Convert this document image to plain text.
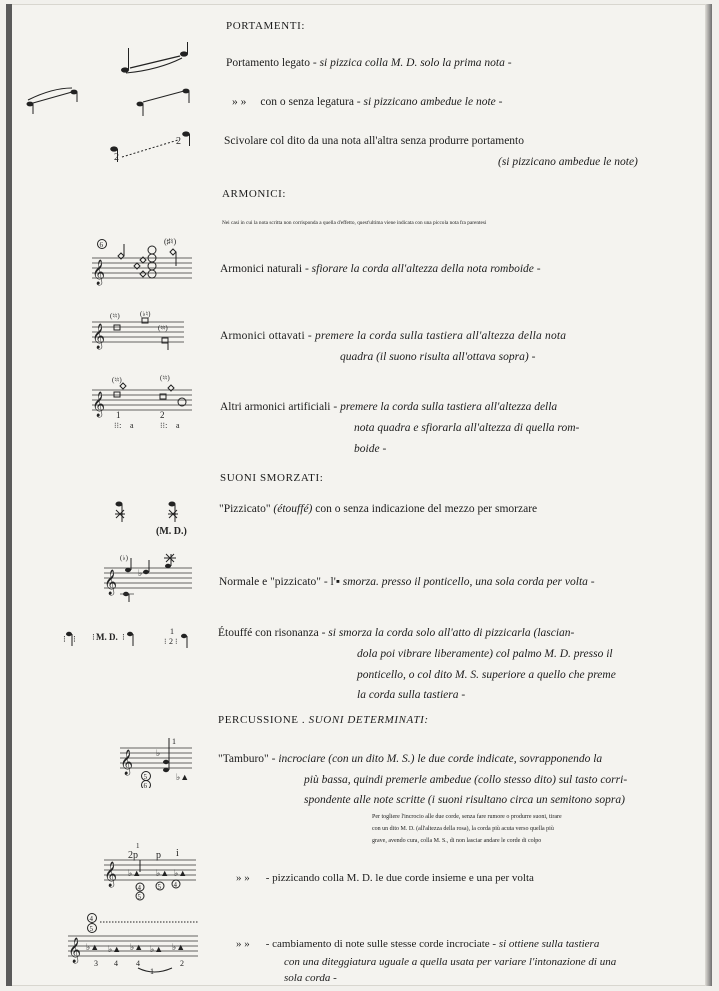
PORTAMENTI:
Portamento legato - si pizzica colla M. D. solo la prima nota -
» » con o senza legatura - si pizzicano ambedue le note -
2
2	Scivolare col dito da una nota all'altra senza produrre portamento
(si pizzicano ambedue le note)
ARMONICI:
Nei casi in cui la nota scritta non corrisponda a quella d'effetto, quest'ultima viene indicata con una piccola nota fra parentesi
𝄞
6	(♯♮)
Armonici naturali - sfiorare la corda all'altezza della nota romboide -
𝄞
(♮♮)	(♭♮)
(♮♮)
Armonici ottavati - premere la corda sulla tastiera all'altezza della nota
quadra (il suono risulta all'ottava sopra) -
𝄞
(♮♮)
1
⁝⁝: a
(♮♮)
2
⁝⁝: a
Altri armonici artificiali - premere la corda sulla tastiera all'altezza della
nota quadra e sfiorarla all'altezza di quella rom-
boide -
SUONI SMORZATI:
(M. D.)
"Pizzicato" (étouffé) con o senza indicazione del mezzo per smorzare
𝄞
(♭)
♭
Normale e "pizzicato" - l'▪ smorza. presso il ponticello, una sola corda per volta -
⁝ ⁝ ⁝ M. D. ⁝
1
⁝ 2 ⁝
Étouffé con risonanza - si smorza la corda solo all'atto di pizzicarla (lascian-
dola poi vibrare liberamente) col palmo M. D. presso il
ponticello, o col dito M. S. superiore a quello che preme
la corda sulla tastiera -
PERCUSSIONE . SUONI DETERMINATI:
𝄞	♭
1
5
6
♭▲
"Tamburo" - incrociare (con un dito M. S.) le due corde indicate, sovrapponendo la
più bassa, quindi premerle ambedue (collo stesso dito) sul tasto corri-
spondente alle note scritte (i suoni risultano circa un semitono sopra)
Per togliere l'incrocio alle due corde, senza fare rumore o produrre suoni, tirare
con un dito M. D. (all'altezza della rosa), la corda più acuta verso quella più
grave, avendo cura, colla M. S., di non lasciar andare le corde di colpo
𝄞
1
2p p i
♭▲ ♭▲ ♭▲
4
5
5 4
» » - pizzicando colla M. D. le due corde insieme e una per volta
4
5
𝄞 ♭▲ ♭▲ ♭▲ ♭▲ ♭▲
3 4 4	2
1
» » - cambiamento di note sulle stesse corde incrociate - si ottiene sulla tastiera
con una diteggiatura uguale a quella usata per variare l'intonazione di una
sola corda -
